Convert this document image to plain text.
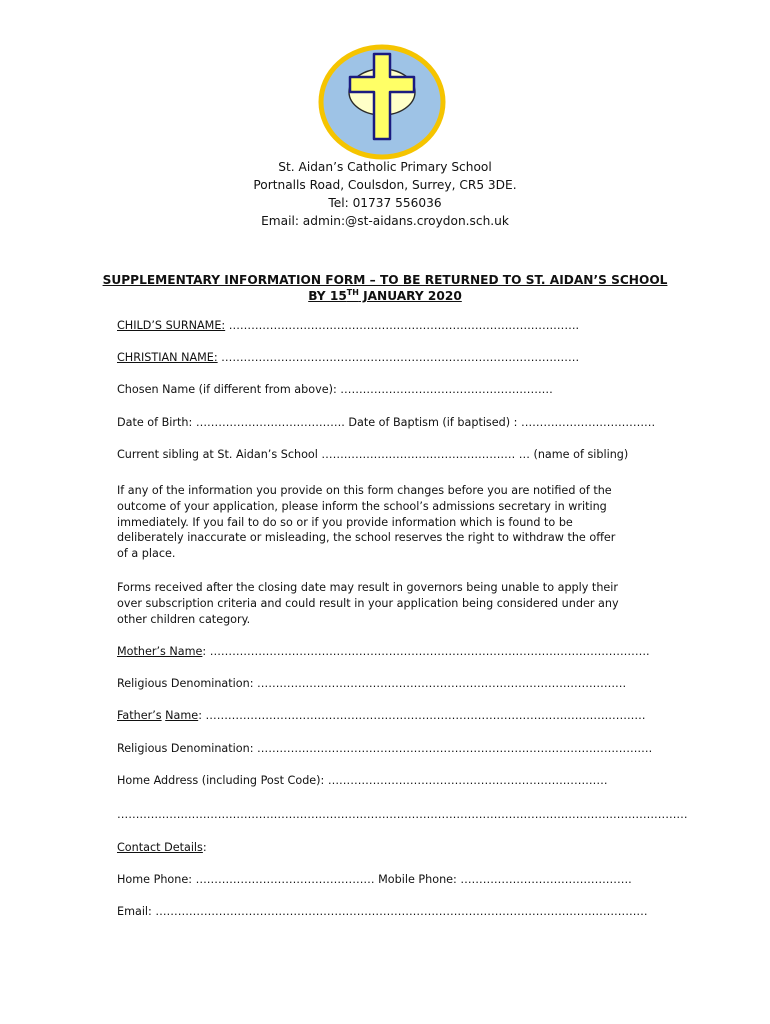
St. Aidan’s Catholic Primary School
Portnalls Road, Coulsdon, Surrey, CR5 3DE.
Tel: 01737 556036
Email: admin:@st-aidans.croydon.sch.uk
SUPPLEMENTARY INFORMATION FORM – TO BE RETURNED TO ST. AIDAN’S SCHOOL
BY 15TH JANUARY 2020
CHILD’S SURNAME: ………………………………………………………………………………….
CHRISTIAN NAME: ……………………………………………………………………………………
Chosen Name (if different from above): …………………………………………………
Date of Birth: …………………………………. Date of Baptism (if baptised) : ………………………………
Current sibling at St. Aidan’s School ……………………………………………. … (name of sibling)
If any of the information you provide on this form changes before you are notified of the
outcome of your application, please inform the school’s admissions secretary in writing
immediately. If you fail to do so or if you provide information which is found to be
deliberately inaccurate or misleading, the school reserves the right to withdraw the offer
of a place.
Forms received after the closing date may result in governors being unable to apply their
over subscription criteria and could result in your application being considered under any
other children category.
Mother’s Name: ……………………………………………………………………………………………………….
Religious Denomination: ………………………………………………………………………………………
Father’s Name: ……………………………………………………………………………………………………….
Religious Denomination: …………………………………………………………………………………………….
Home Address (including Post Code): …………………………………………………………………
………………………………………………………………………………………………………………………………………
Contact Details:
Home Phone: ………………………………………… Mobile Phone: ……………………………………….
Email: ……………………………………………………………………………………………………………………
